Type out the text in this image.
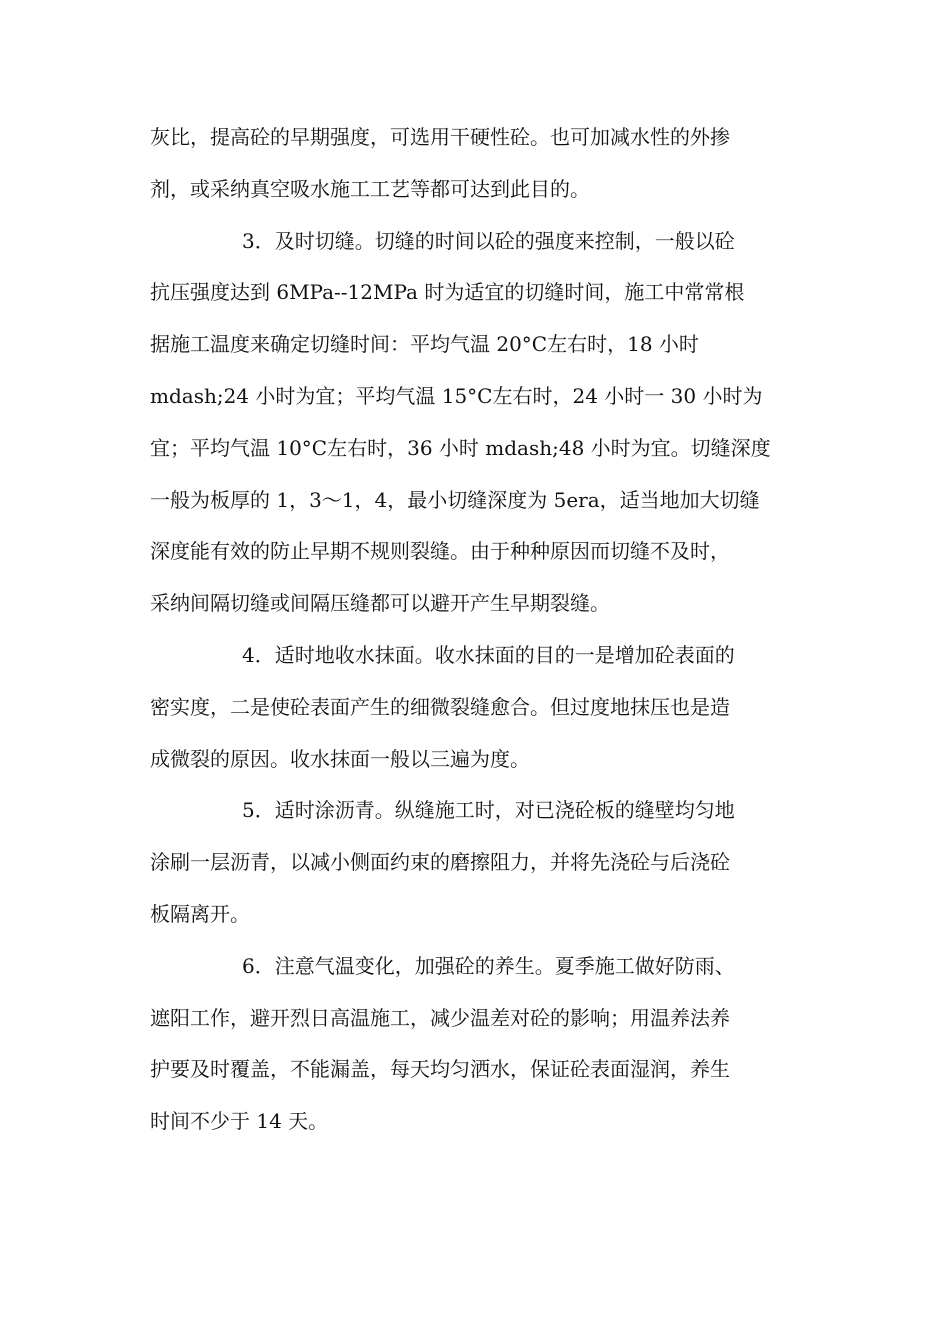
灰比，提高砼的早期强度，可选用干硬性砼。也可加减水性的外掺
剂，或采纳真空吸水施工工艺等都可达到此目的。

3．及时切缝。切缝的时间以砼的强度来控制，一般以砼
抗压强度达到 6MPa--12MPa 时为适宜的切缝时间，施工中常常根
据施工温度来确定切缝时间：平均气温 20°C左右时，18 小时
mdash;24 小时为宜；平均气温 15°C左右时，24 小时一 30 小时为
宜；平均气温 10°C左右时，36 小时 mdash;48 小时为宜。切缝深度
一般为板厚的 1，3～1，4，最小切缝深度为 5era，适当地加大切缝
深度能有效的防止早期不规则裂缝。由于种种原因而切缝不及时，
采纳间隔切缝或间隔压缝都可以避开产生早期裂缝。

4．适时地收水抹面。收水抹面的目的一是增加砼表面的
密实度，二是使砼表面产生的细微裂缝愈合。但过度地抹压也是造
成微裂的原因。收水抹面一般以三遍为度。

5．适时涂沥青。纵缝施工时，对已浇砼板的缝壁均匀地
涂刷一层沥青，以减小侧面约束的磨擦阻力，并将先浇砼与后浇砼
板隔离开。

6．注意气温变化，加强砼的养生。夏季施工做好防雨、
遮阳工作，避开烈日高温施工，减少温差对砼的影响；用温养法养
护要及时覆盖，不能漏盖，每天均匀洒水，保证砼表面湿润，养生
时间不少于 14 天。
